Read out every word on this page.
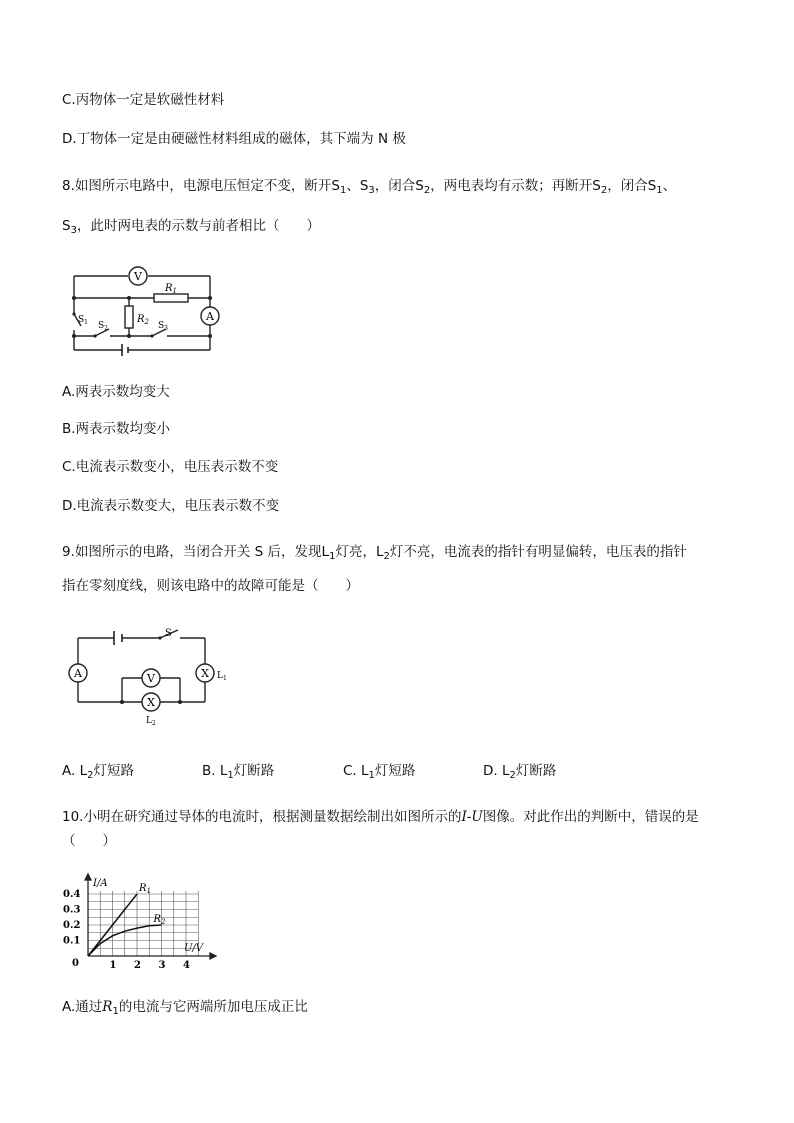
C.丙物体一定是软磁性材料
D.丁物体一定是由硬磁性材料组成的磁体，其下端为 N 极
8.如图所示电路中，电源电压恒定不变，断开$S_1$、$S_3$，闭合$S_2$，两电表均有示数；再断开$S_2$，闭合$S_1$、
$S_3$，此时两电表的示数与前者相比（　　）
V
A
$R_1$
$R_2$
$S_1$ $S_2$	$S_3$
A.两表示数均变大
B.两表示数均变小
C.电流表示数变小，电压表示数不变
D.电流表示数变大，电压表示数不变
9.如图所示的电路，当闭合开关 S 后，发现$L_1$灯亮，$L_2$灯不亮，电流表的指针有明显偏转，电压表的指针
指在零刻度线，则该电路中的故障可能是（　　）
A	X
V
X
S
$L_1$
$L_2$
A. $L_2$灯短路	B. $L_1$灯断路	C. $L_1$灯短路	D. $L_2$灯断路
10.小明在研究通过导体的电流时，根据测量数据绘制出如图所示的I-U图像。对此作出的判断中，错误的是
（　　）
$R_1$
$R_2$
1 2 3 4
0.1
0.2
0.3
0.4
I/A
U/V
0
A.通过$R_1$的电流与它两端所加电压成正比
